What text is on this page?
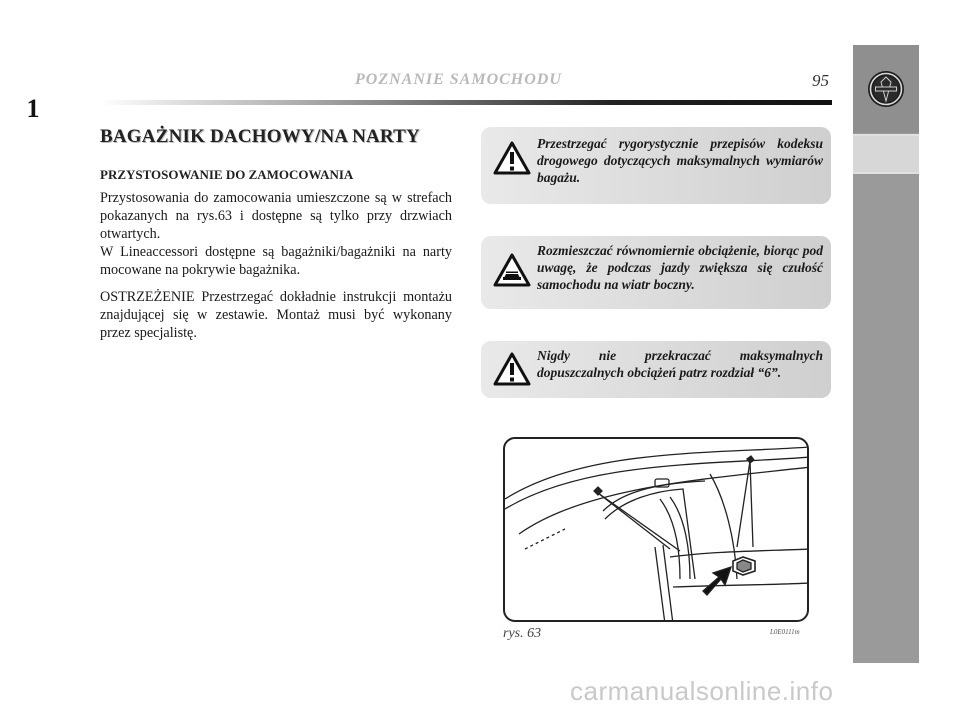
POZNANIE SAMOCHODU	95
1
BAGAŻNIK DACHOWY/NA NARTY
PRZYSTOSOWANIE DO ZAMOCOWANIA

Przystosowania do zamocowania umieszczone są w strefach pokazanych na rys.63 i dostępne są tylko przy drzwiach otwartych.

W Lineaccessori dostępne są bagażniki/bagażniki na narty mocowane na pokrywie bagażnika.

OSTRZEŻENIE Przestrzegać dokładnie instrukcji montażu znajdującej się w zestawie. Montaż musi być wykonany przez specjalistę.

Przestrzegać rygorystycznie przepisów kodeksu drogowego dotyczących maksymalnych wymiarów bagażu.
Rozmieszczać równomiernie obciążenie, biorąc pod uwagę, że podczas jazdy zwiększa się czułość samochodu na wiatr boczny.
Nigdy nie przekraczać maksymalnych dopuszczalnych obciążeń patrz rozdział “6”.
rys. 63	L0E0111m
carmanualsonline.info
